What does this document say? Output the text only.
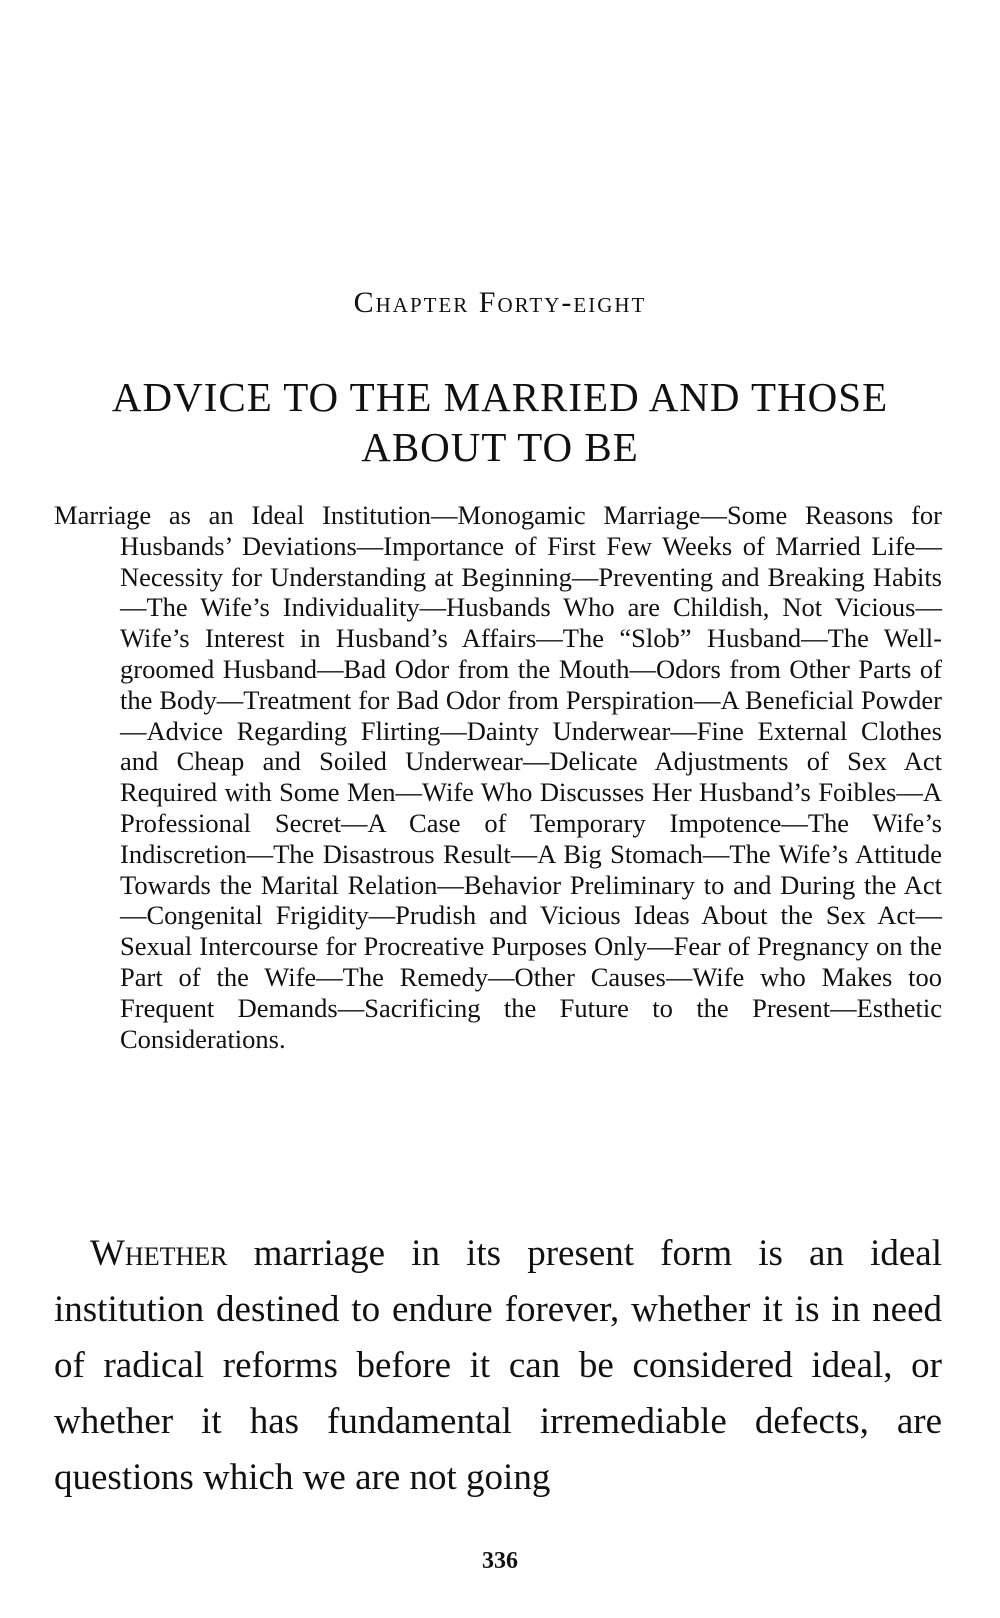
Chapter Forty-eight
ADVICE TO THE MARRIED AND THOSE
ABOUT TO BE

Marriage as an Ideal Institution—Monogamic Marriage—Some Reasons for Husbands’ Deviations—Importance of First Few Weeks of Married Life—Necessity for Understanding at Beginning—Preventing and Breaking Habits—The Wife’s Individuality—Husbands Who are Childish, Not Vicious—Wife’s Interest in Husband’s Affairs—The “Slob” Husband—The Well-groomed Husband—Bad Odor from the Mouth—Odors from Other Parts of the Body—Treatment for Bad Odor from Perspiration—A Beneficial Powder—Advice Regarding Flirting—Dainty Underwear—Fine External Clothes and Cheap and Soiled Underwear—Delicate Adjustments of Sex Act Required with Some Men—Wife Who Discusses Her Husband’s Foibles—A Professional Secret—A Case of Temporary Impotence—The Wife’s Indiscretion—The Disastrous Result—A Big Stomach—The Wife’s Attitude Towards the Marital Relation—Behavior Preliminary to and During the Act—Congenital Frigidity—Prudish and Vicious Ideas About the Sex Act—Sexual Intercourse for Procreative Purposes Only—Fear of Pregnancy on the Part of the Wife—The Remedy—Other Causes—Wife who Makes too Frequent Demands—Sacrificing the Future to the Present—Esthetic Considerations.

Whether marriage in its present form is an ideal institution destined to endure forever, whether it is in need of radical reforms before it can be considered ideal, or whether it has fundamental irremediable defects, are questions which we are not going

336
